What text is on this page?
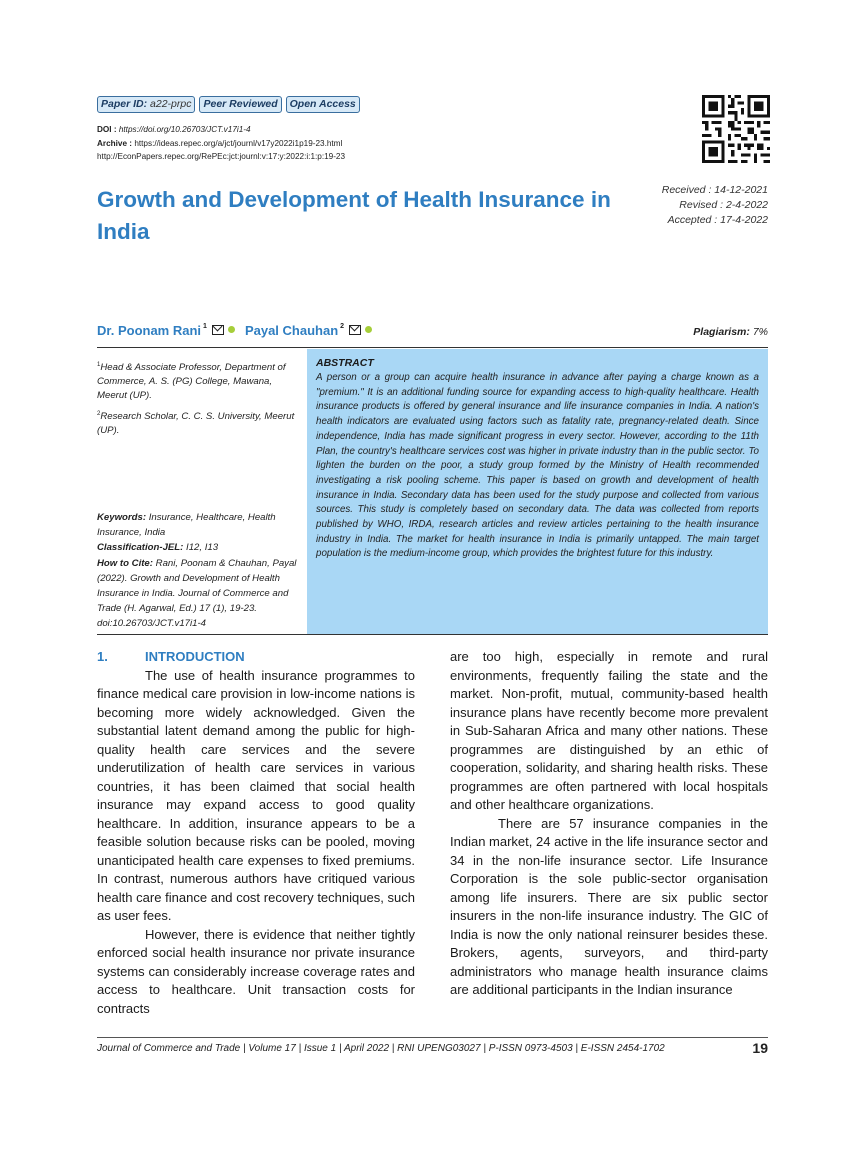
Paper ID: a22-prpc	Peer Reviewed	Open Access
DOI : https://doi.org/10.26703/JCT.v17i1-4
Archive : https://ideas.repec.org/a/jct/journl/v17y2022i1p19-23.html
http://EconPapers.repec.org/RePEc:jct:journl:v:17:y:2022:i:1:p:19-23
Growth and Development of Health Insurance in India
Received : 14-12-2021
Revised : 2-4-2022
Accepted : 17-4-2022
Dr. Poonam Rani $^1$	Payal Chauhan $^2$	Plagiarism: 7%

$^1$Head & Associate Professor, Department of Commerce, A. S. (PG) College, Mawana, Meerut (UP).

$^2$Research Scholar, C. C. S. University, Meerut (UP).

Keywords: Insurance, Healthcare, Health Insurance, India

Classification-JEL: I12, I13

How to Cite: Rani, Poonam & Chauhan, Payal (2022). Growth and Development of Health Insurance in India. Journal of Commerce and Trade (H. Agarwal, Ed.) 17 (1), 19-23. doi:10.26703/JCT.v17i1-4

ABSTRACT
A person or a group can acquire health insurance in advance after paying a charge known as a "premium." It is an additional funding source for expanding access to high-quality healthcare. Health insurance products is offered by general insurance and life insurance companies in India. A nation's health indicators are evaluated using factors such as fatality rate, pregnancy-related death. Since independence, India has made significant progress in every sector. However, according to the 11th Plan, the country's healthcare services cost was higher in private industry than in the public sector. To lighten the burden on the poor, a study group formed by the Ministry of Health recommended investigating a risk pooling scheme. This paper is based on growth and development of health insurance in India. Secondary data has been used for the study purpose and collected from various sources. This study is completely based on secondary data. The data was collected from reports published by WHO, IRDA, research articles and review articles pertaining to the health insurance industry in India. The market for health insurance in India is primarily untapped. The main target population is the medium-income group, which provides the brightest future for this industry.
1.	INTRODUCTION

The use of health insurance programmes to finance medical care provision in low-income nations is becoming more widely acknowledged. Given the substantial latent demand among the public for high-quality health care services and the severe underutilization of health care services in various countries, it has been claimed that social health insurance may expand access to good quality healthcare. In addition, insurance appears to be a feasible solution because risks can be pooled, moving unanticipated health care expenses to fixed premiums. In contrast, numerous authors have critiqued various health care finance and cost recovery techniques, such as user fees.

However, there is evidence that neither tightly enforced social health insurance nor private insurance systems can considerably increase coverage rates and access to healthcare. Unit transaction costs for contracts

are too high, especially in remote and rural environments, frequently failing the state and the market. Non-profit, mutual, community-based health insurance plans have recently become more prevalent in Sub-Saharan Africa and many other nations. These programmes are distinguished by an ethic of cooperation, solidarity, and sharing health risks. These programmes are often partnered with local hospitals and other healthcare organizations.

There are 57 insurance companies in the Indian market, 24 active in the life insurance sector and 34 in the non-life insurance sector. Life Insurance Corporation is the sole public-sector organisation among life insurers. There are six public sector insurers in the non-life insurance industry. The GIC of India is now the only national reinsurer besides these. Brokers, agents, surveyors, and third-party administrators who manage health insurance claims are additional participants in the Indian insurance

Journal of Commerce and Trade | Volume 17 | Issue 1 | April 2022 | RNI UPENG03027 | P-ISSN 0973-4503 | E-ISSN 2454-1702	19
